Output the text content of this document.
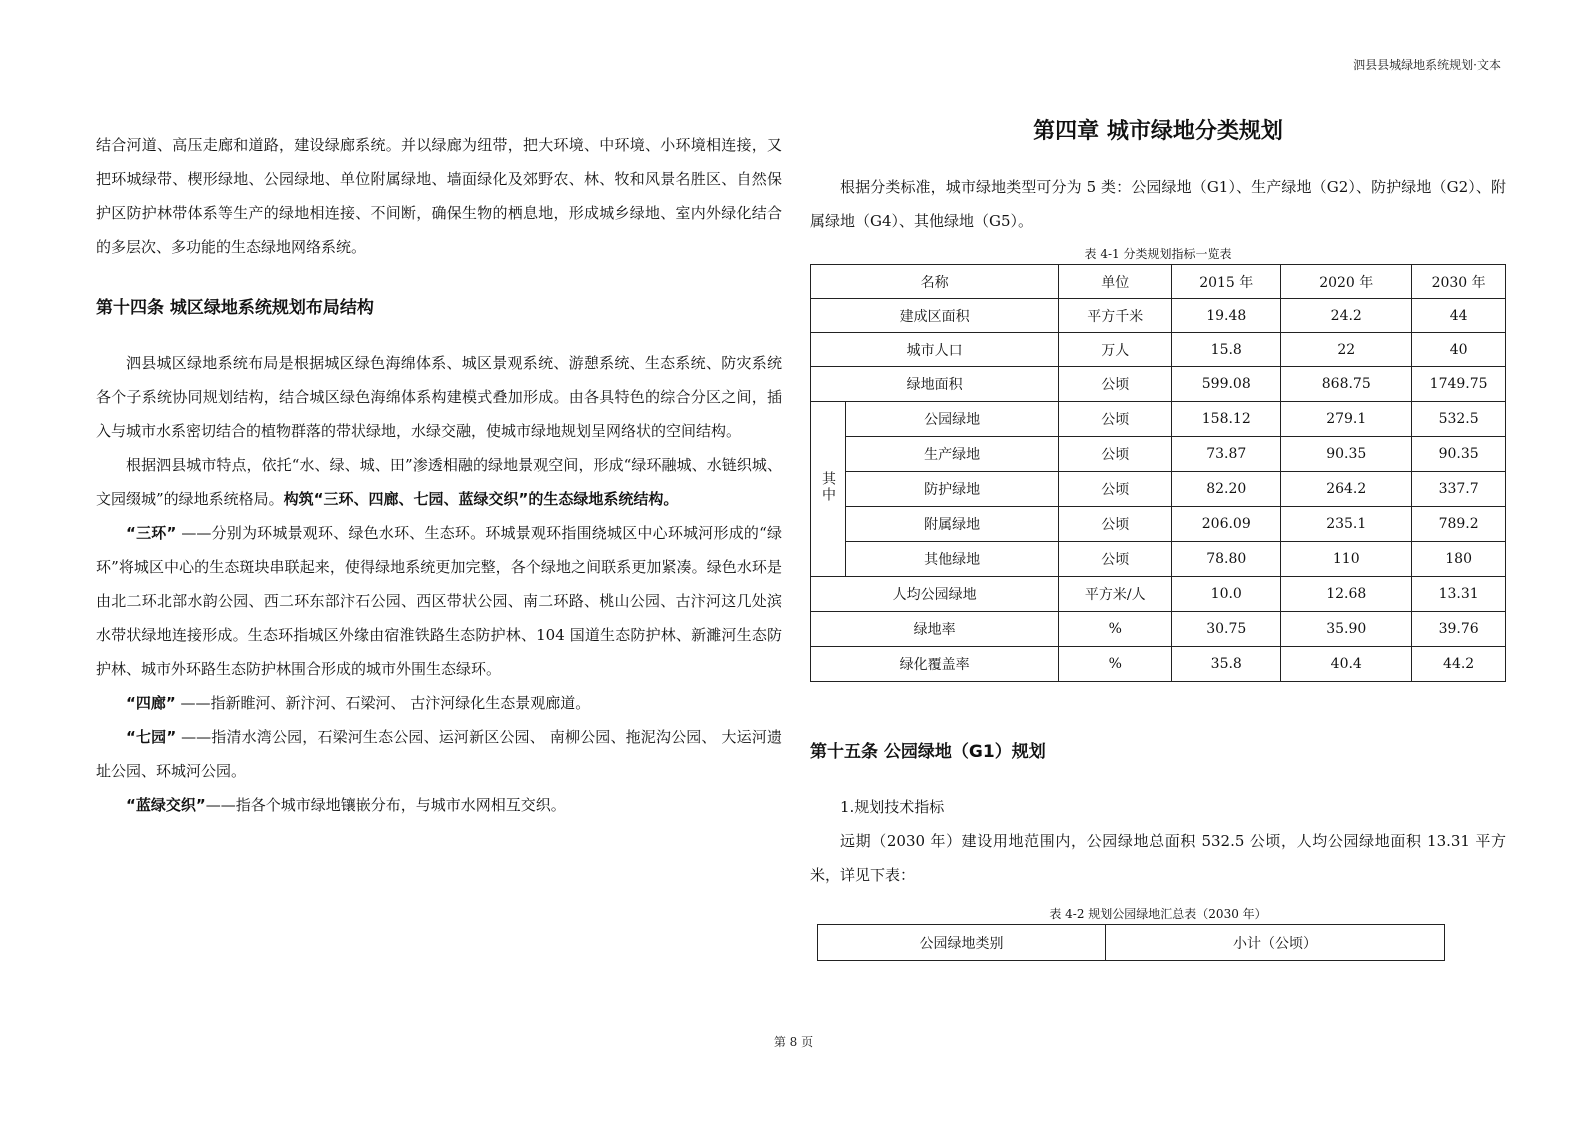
泗县县城绿地系统规划·文本

结合河道、高压走廊和道路，建设绿廊系统。并以绿廊为纽带，把大环境、中环境、小环境相连接，又把环城绿带、楔形绿地、公园绿地、单位附属绿地、墙面绿化及郊野农、林、牧和风景名胜区、自然保护区防护林带体系等生产的绿地相连接、不间断，确保生物的栖息地，形成城乡绿地、室内外绿化结合的多层次、多功能的生态绿地网络系统。

第十四条 城区绿地系统规划布局结构

泗县城区绿地系统布局是根据城区绿色海绵体系、城区景观系统、游憩系统、生态系统、防灾系统各个子系统协同规划结构，结合城区绿色海绵体系构建模式叠加形成。由各具特色的综合分区之间，插入与城市水系密切结合的植物群落的带状绿地，水绿交融，使城市绿地规划呈网络状的空间结构。

根据泗县城市特点，依托“水、绿、城、田”渗透相融的绿地景观空间，形成“绿环融城、水链织城、文园缀城”的绿地系统格局。构筑“三环、四廊、七园、蓝绿交织”的生态绿地系统结构。

“三环” ——分别为环城景观环、绿色水环、生态环。环城景观环指围绕城区中心环城河形成的“绿环”将城区中心的生态斑块串联起来，使得绿地系统更加完整，各个绿地之间联系更加紧凑。绿色水环是由北二环北部水韵公园、西二环东部汴石公园、西区带状公园、南二环路、桃山公园、古汴河这几处滨水带状绿地连接形成。生态环指城区外缘由宿淮铁路生态防护林、104 国道生态防护林、新濉河生态防护林、城市外环路生态防护林围合形成的城市外围生态绿环。

“四廊” ——指新睢河、新汴河、石梁河、 古汴河绿化生态景观廊道。

“七园” ——指清水湾公园，石梁河生态公园、运河新区公园、 南柳公园、拖泥沟公园、 大运河遗址公园、环城河公园。

“蓝绿交织”——指各个城市绿地镶嵌分布，与城市水网相互交织。

第四章 城市绿地分类规划

根据分类标准，城市绿地类型可分为 5 类：公园绿地（G1）、生产绿地（G2）、防护绿地（G2）、附属绿地（G4）、其他绿地（G5）。

表 4-1 分类规划指标一览表
名称		单位	2015 年	2020 年	2030 年
建成区面积		平方千米	19.48	24.2	44
城市人口		万人	15.8	22	40
绿地面积		公顷	599.08	868.75	1749.75
其中	公园绿地	公顷	158.12	279.1	532.5
	生产绿地	公顷	73.87	90.35	90.35
	防护绿地	公顷	82.20	264.2	337.7
	附属绿地	公顷	206.09	235.1	789.2
	其他绿地	公顷	78.80	110	180
人均公园绿地		平方米/人	10.0	12.68	13.31
绿地率		%	30.75	35.90	39.76
绿化覆盖率		%	35.8	40.4	44.2
第十五条 公园绿地（G1）规划

1.规划技术指标

远期（2030 年）建设用地范围内，公园绿地总面积 532.5 公顷，人均公园绿地面积 13.31 平方米，详见下表：

表 4-2 规划公园绿地汇总表（2030 年）
公园绿地类别	小计（公顷）
第 8 页
